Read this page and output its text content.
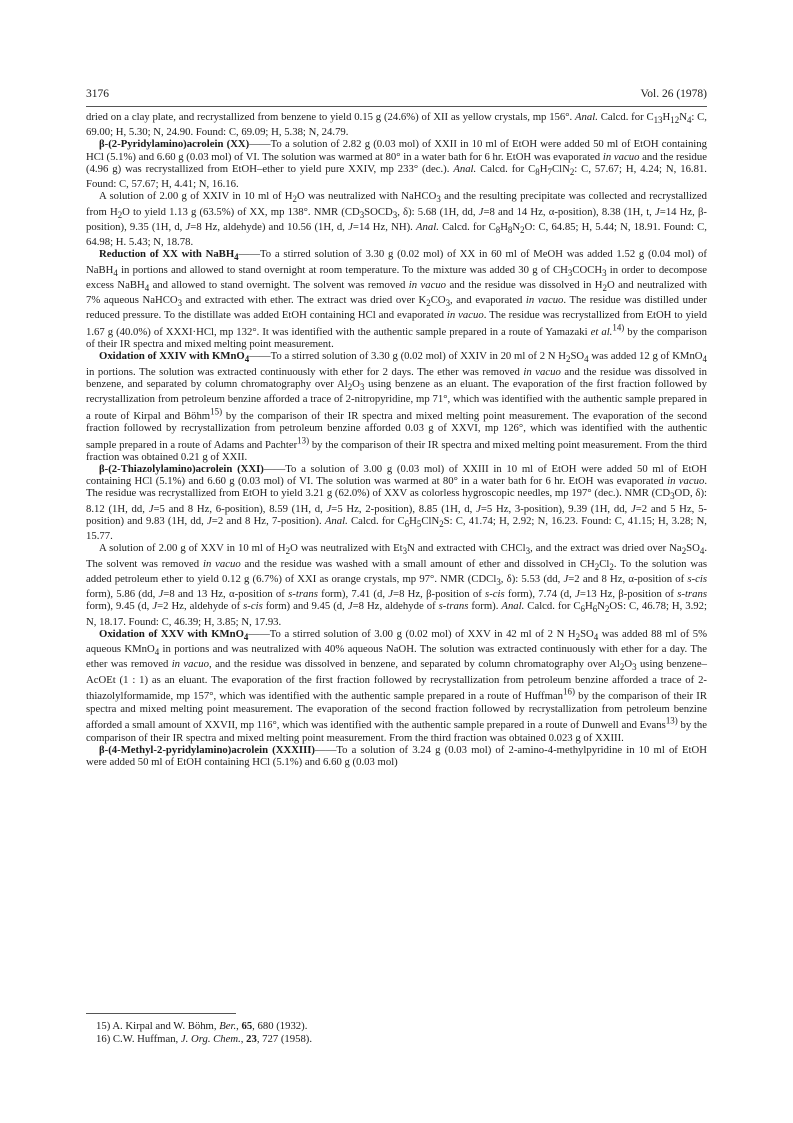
3176	Vol. 26 (1978)

dried on a clay plate, and recrystallized from benzene to yield 0.15 g (24.6%) of XII as yellow crystals, mp 156°. Anal. Calcd. for $C_{13}H_{12}N_4$: C, 69.00; H, 5.30; N, 24.90. Found: C, 69.09; H, 5.38; N, 24.79.

β-(2-Pyridylamino)acrolein (XX)——To a solution of 2.82 g (0.03 mol) of XXII in 10 ml of EtOH were added 50 ml of EtOH containing HCl (5.1%) and 6.60 g (0.03 mol) of VI. The solution was warmed at 80° in a water bath for 6 hr. EtOH was evaporated in vacuo and the residue (4.96 g) was recrystallized from EtOH–ether to yield pure XXIV, mp 233° (dec.). Anal. Calcd. for $C_8H_7ClN_2$: C, 57.67; H, 4.24; N, 16.81. Found: C, 57.67; H, 4.41; N, 16.16.

A solution of 2.00 g of XXIV in 10 ml of $H_2O$ was neutralized with NaHCO$_3$ and the resulting precipitate was collected and recrystallized from $H_2O$ to yield 1.13 g (63.5%) of XX, mp 138°. NMR ($CD_3SOCD_3$, δ): 5.68 (1H, dd, J=8 and 14 Hz, α-position), 8.38 (1H, t, J=14 Hz, β-position), 9.35 (1H, d, J=8 Hz, aldehyde) and 10.56 (1H, d, J=14 Hz, NH). Anal. Calcd. for $C_8H_8N_2O$: C, 64.85; H, 5.44; N, 18.91. Found: C, 64.98; H. 5.43; N, 18.78.

Reduction of XX with NaBH$_4$——To a stirred solution of 3.30 g (0.02 mol) of XX in 60 ml of MeOH was added 1.52 g (0.04 mol) of NaBH$_4$ in portions and allowed to stand overnight at room temperature. To the mixture was added 30 g of $CH_3COCH_3$ in order to decompose excess NaBH$_4$ and allowed to stand overnight. The solvent was removed in vacuo and the residue was dissolved in $H_2O$ and neutralized with 7% aqueous NaHCO$_3$ and extracted with ether. The extract was dried over $K_2CO_3$, and evaporated in vacuo. The residue was distilled under reduced pressure. To the distillate was added EtOH containing HCl and evaporated in vacuo. The residue was recrystallized from EtOH to yield 1.67 g (40.0%) of XXXI·HCl, mp 132°. It was identified with the authentic sample prepared in a route of Yamazaki et al.$^{14)}$ by the comparison of their IR spectra and mixed melting point measurement.

Oxidation of XXIV with KMnO$_4$——To a stirred solution of 3.30 g (0.02 mol) of XXIV in 20 ml of 2 N $H_2SO_4$ was added 12 g of KMnO$_4$ in portions. The solution was extracted continuously with ether for 2 days. The ether was removed in vacuo and the residue was dissolved in benzene, and separated by column chromatography over $Al_2O_3$ using benzene as an eluant. The evaporation of the first fraction followed by recrystallization from petroleum benzine afforded a trace of 2-nitropyridine, mp 71°, which was identified with the authentic sample prepared in a route of Kirpal and Böhm$^{15)}$ by the comparison of their IR spectra and mixed melting point measurement. The evaporation of the second fraction followed by recrystallization from petroleum benzine afforded 0.03 g of XXVI, mp 126°, which was identified with the authentic sample prepared in a route of Adams and Pachter$^{13)}$ by the comparison of their IR spectra and mixed melting point measurement. From the third fraction was obtained 0.21 g of XXII.

β-(2-Thiazolylamino)acrolein (XXI)——To a solution of 3.00 g (0.03 mol) of XXIII in 10 ml of EtOH were added 50 ml of EtOH containing HCl (5.1%) and 6.60 g (0.03 mol) of VI. The solution was warmed at 80° in a water bath for 6 hr. EtOH was evaporated in vacuo. The residue was recrystallized from EtOH to yield 3.21 g (62.0%) of XXV as colorless hygroscopic needles, mp 197° (dec.). NMR ($CD_3OD$, δ): 8.12 (1H, dd, J=5 and 8 Hz, 6-position), 8.59 (1H, d, J=5 Hz, 2-position), 8.85 (1H, d, J=5 Hz, 3-position), 9.39 (1H, dd, J=2 and 5 Hz, 5-position) and 9.83 (1H, dd, J=2 and 8 Hz, 7-position). Anal. Calcd. for $C_6H_5ClN_2S$: C, 41.74; H, 2.92; N, 16.23. Found: C, 41.15; H, 3.28; N, 15.77.

A solution of 2.00 g of XXV in 10 ml of $H_2O$ was neutralized with $Et_3N$ and extracted with CHCl$_3$, and the extract was dried over $Na_2SO_4$. The solvent was removed in vacuo and the residue was washed with a small amount of ether and dissolved in $CH_2Cl_2$. To the solution was added petroleum ether to yield 0.12 g (6.7%) of XXI as orange crystals, mp 97°. NMR (CDCl$_3$, δ): 5.53 (dd, J=2 and 8 Hz, α-position of s-cis form), 5.86 (dd, J=8 and 13 Hz, α-position of s-trans form), 7.41 (d, J=8 Hz, β-position of s-cis form), 7.74 (d, J=13 Hz, β-position of s-trans form), 9.45 (d, J=2 Hz, aldehyde of s-cis form) and 9.45 (d, J=8 Hz, aldehyde of s-trans form). Anal. Calcd. for $C_6H_6N_2OS$: C, 46.78; H, 3.92; N, 18.17. Found: C, 46.39; H, 3.85; N, 17.93.

Oxidation of XXV with KMnO$_4$——To a stirred solution of 3.00 g (0.02 mol) of XXV in 42 ml of 2 N $H_2SO_4$ was added 88 ml of 5% aqueous KMnO$_4$ in portions and was neutralized with 40% aqueous NaOH. The solution was extracted continuously with ether for a day. The ether was removed in vacuo, and the residue was dissolved in benzene, and separated by column chromatography over $Al_2O_3$ using benzene–AcOEt (1 : 1) as an eluant. The evaporation of the first fraction followed by recrystallization from petroleum benzine afforded a trace of 2-thiazolylformamide, mp 157°, which was identified with the authentic sample prepared in a route of Huffman$^{16)}$ by the comparison of their IR spectra and mixed melting point measurement. The evaporation of the second fraction followed by recrystallization from petroleum benzine afforded a small amount of XXVII, mp 116°, which was identified with the authentic sample prepared in a route of Dunwell and Evans$^{13)}$ by the comparison of their IR spectra and mixed melting point measurement. From the third fraction was obtained 0.023 g of XXIII.

β-(4-Methyl-2-pyridylamino)acrolein (XXXIII)——To a solution of 3.24 g (0.03 mol) of 2-amino-4-methylpyridine in 10 ml of EtOH were added 50 ml of EtOH containing HCl (5.1%) and 6.60 g (0.03 mol)

15) A. Kirpal and W. Böhm, Ber., 65, 680 (1932).

16) C.W. Huffman, J. Org. Chem., 23, 727 (1958).
